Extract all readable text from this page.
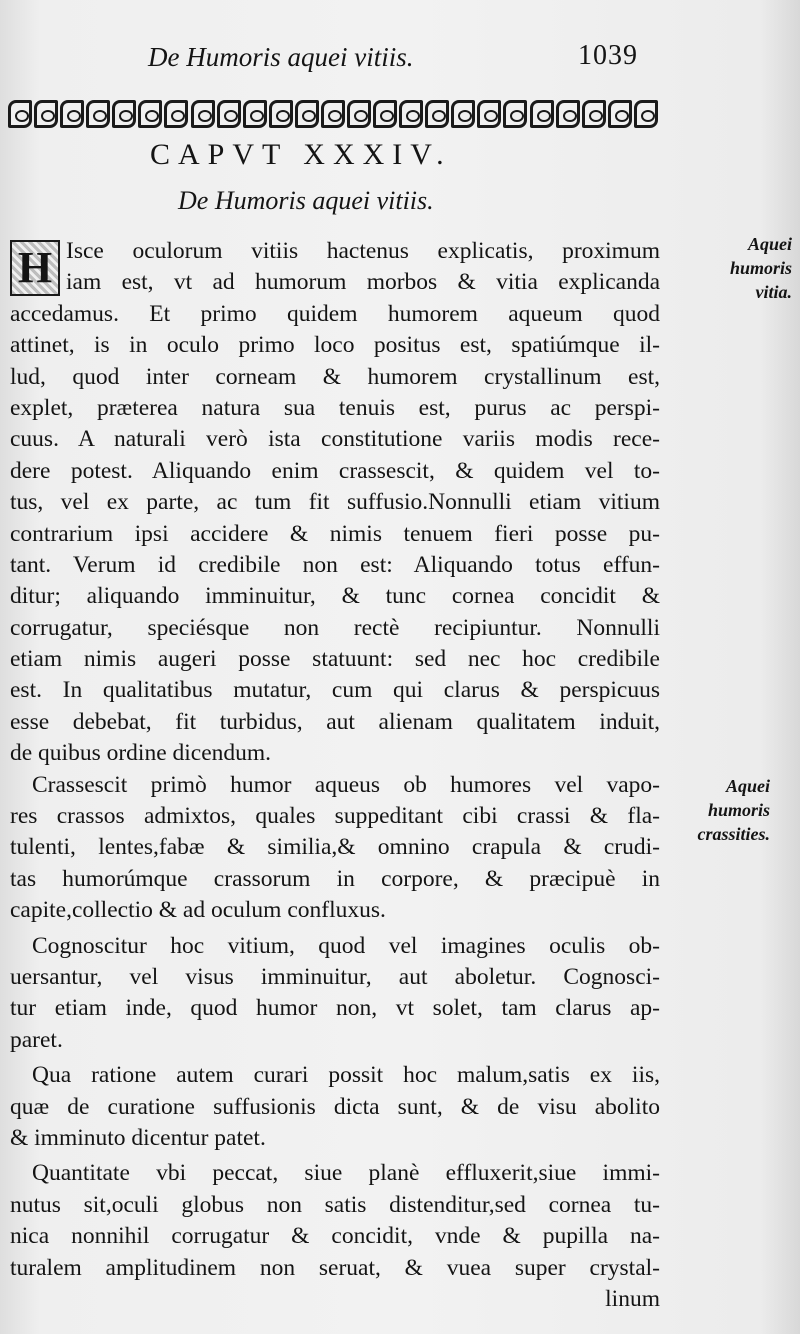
De Humoris aquei vitiis.	1039
CAPVT XXXIV.
De Humoris aquei vitiis.
H Isce oculorum vitiis hactenus explicatis, proximum
iam est, vt ad humorum morbos & vitia explicanda
accedamus. Et primo quidem humorem aqueum quod
attinet, is in oculo primo loco positus est, spatiúmque il-
lud, quod inter corneam & humorem crystallinum est,
explet, præterea natura sua tenuis est, purus ac perspi-
cuus. A naturali verò ista constitutione variis modis rece-
dere potest. Aliquando enim crassescit, & quidem vel to-
tus, vel ex parte, ac tum fit suffusio.Nonnulli etiam vitium
contrarium ipsi accidere & nimis tenuem fieri posse pu-
tant. Verum id credibile non est: Aliquando totus effun-
ditur; aliquando imminuitur, & tunc cornea concidit &
corrugatur, speciésque non rectè recipiuntur. Nonnulli
etiam nimis augeri posse statuunt: sed nec hoc credibile
est. In qualitatibus mutatur, cum qui clarus & perspicuus
esse debebat, fit turbidus, aut alienam qualitatem induit,
de quibus ordine dicendum.
Crassescit primò humor aqueus ob humores vel vapo-
res crassos admixtos, quales suppeditant cibi crassi & fla-
tulenti, lentes,fabæ & similia,& omnino crapula & crudi-
tas humorúmque crassorum in corpore, & præcipuè in
capite,collectio & ad oculum confluxus.
Cognoscitur hoc vitium, quod vel imagines oculis ob-
uersantur, vel visus imminuitur, aut aboletur. Cognosci-
tur etiam inde, quod humor non, vt solet, tam clarus ap-
paret.
Qua ratione autem curari possit hoc malum,satis ex iis,
quæ de curatione suffusionis dicta sunt, & de visu abolito
& imminuto dicentur patet.
Quantitate vbi peccat, siue planè effluxerit,siue immi-
nutus sit,oculi globus non satis distenditur,sed cornea tu-
nica nonnihil corrugatur & concidit, vnde & pupilla na-
turalem amplitudinem non seruat, & vuea super crystal-
linum
Aquei
humoris
vitia.
Aquei
humoris
crassities.
